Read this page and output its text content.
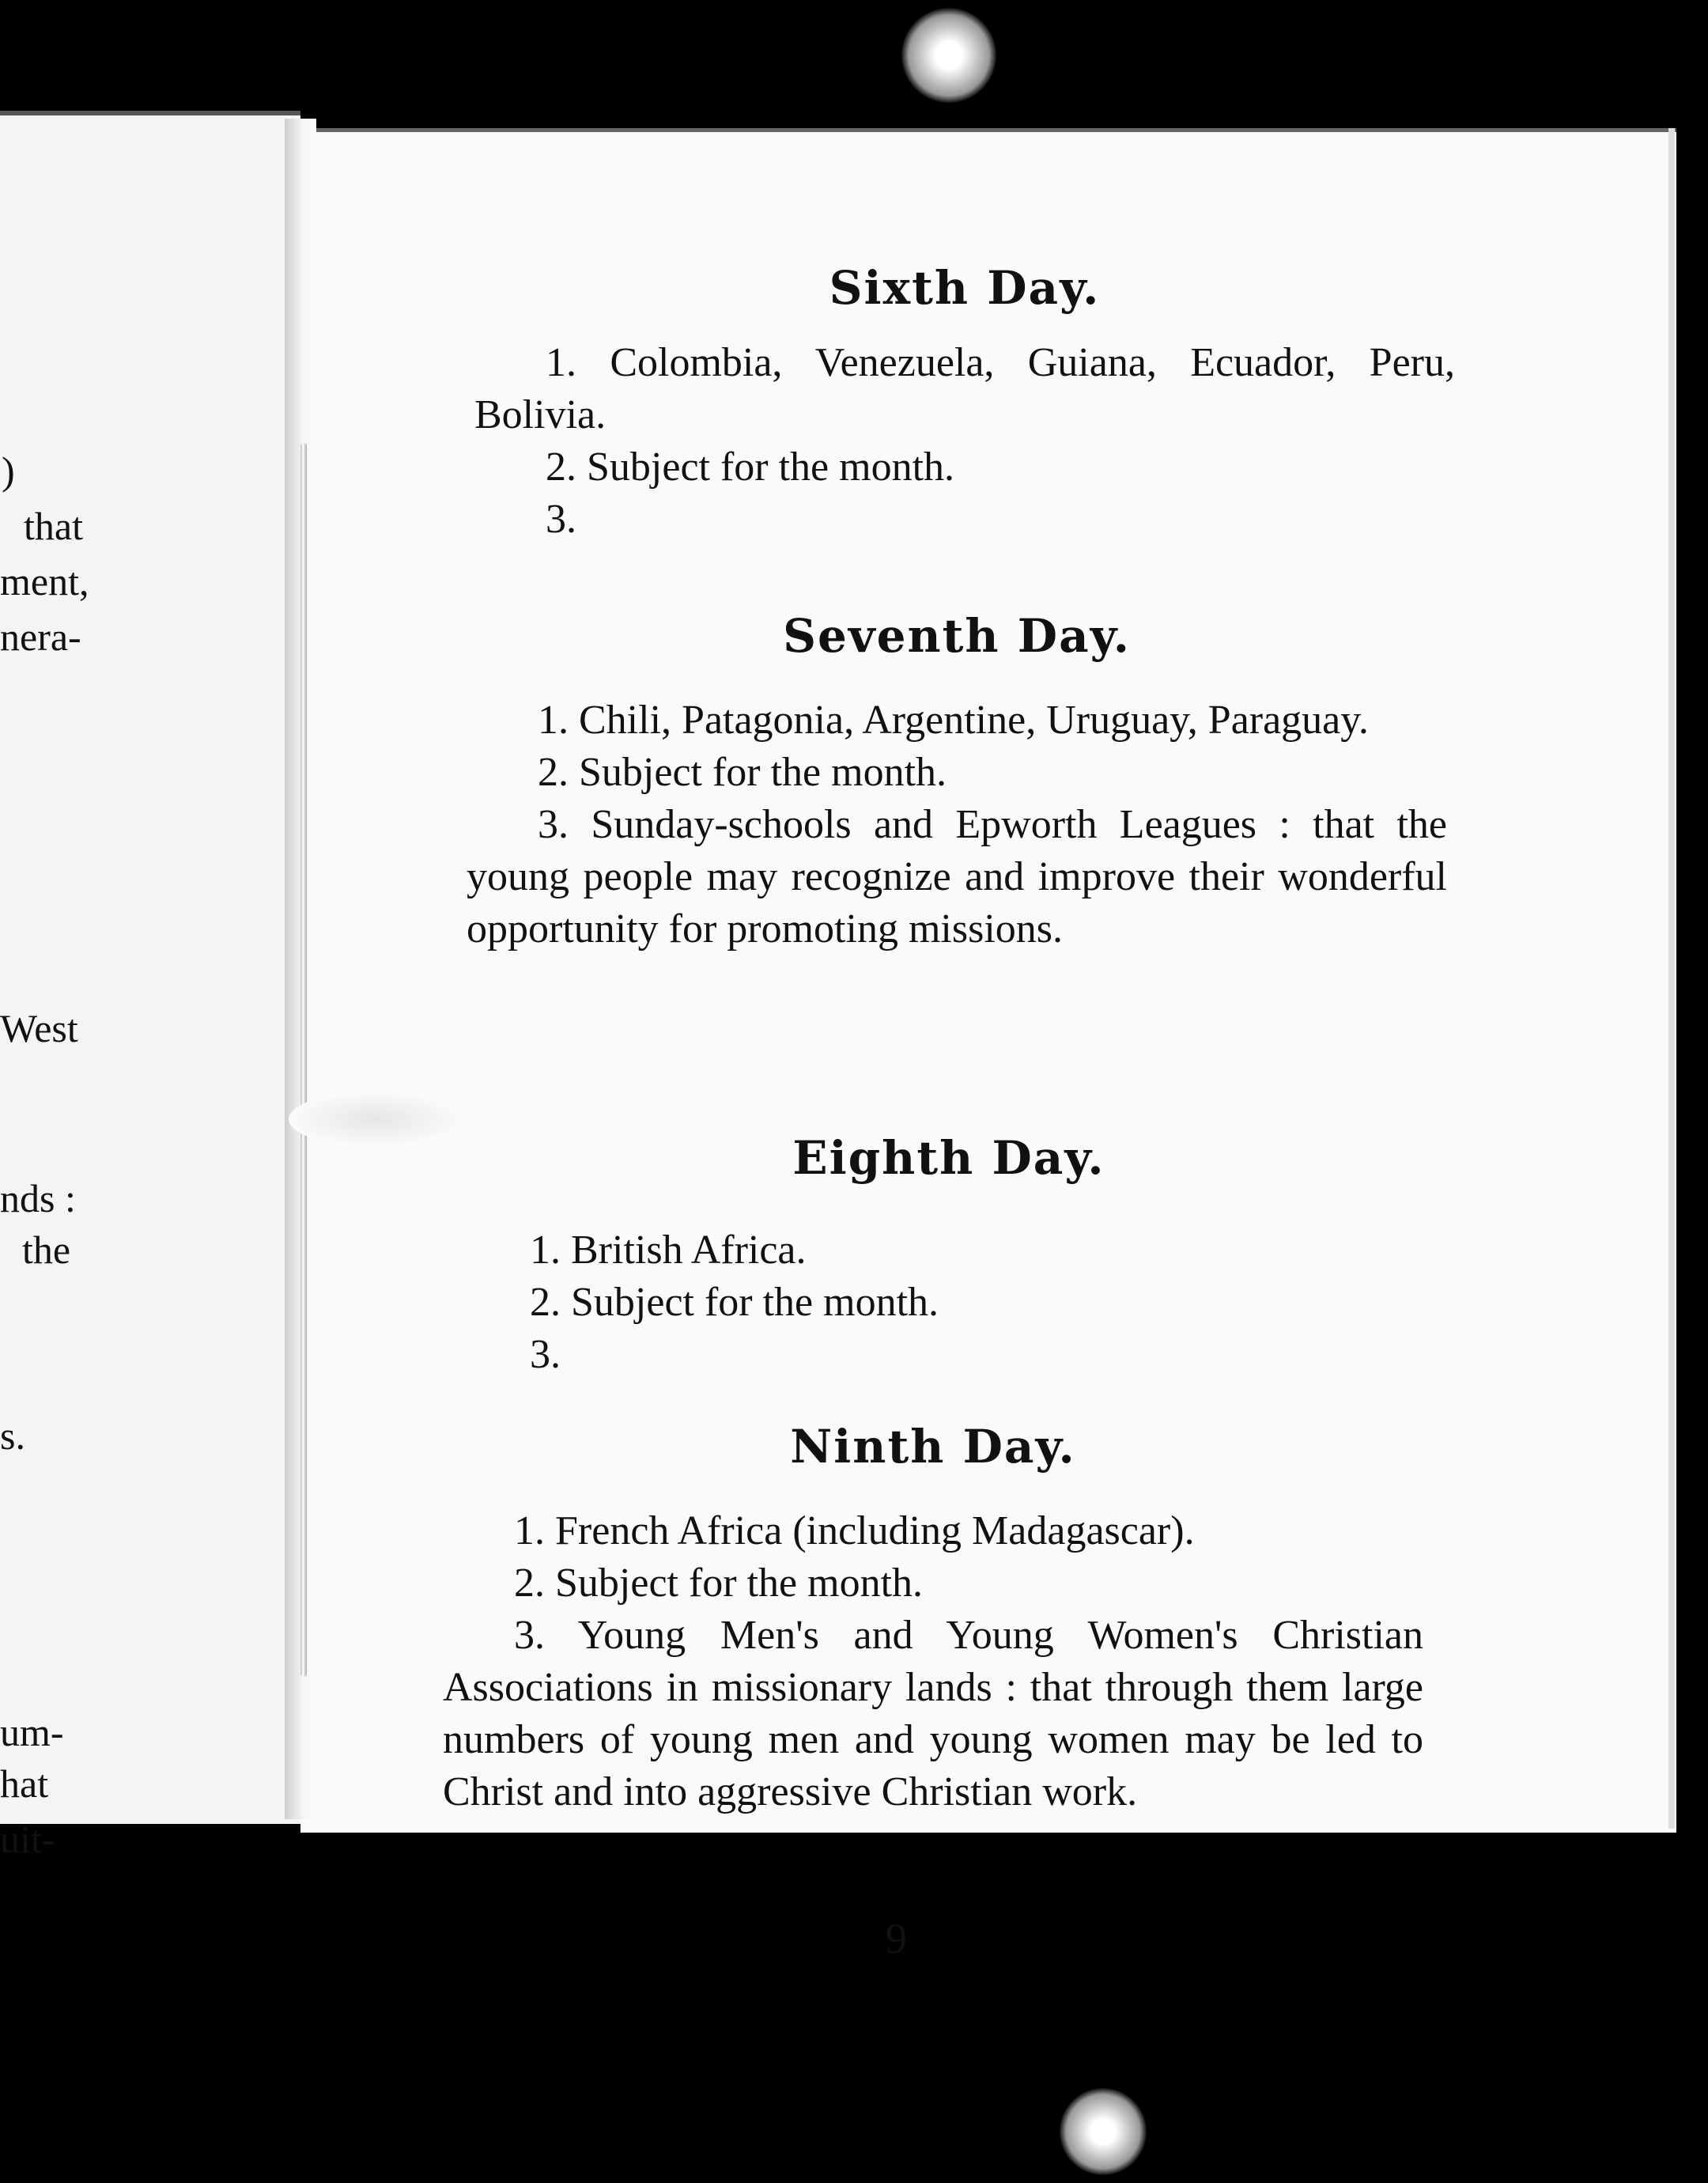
)
that
ment,
nera-
West
nds :
the
s.
um-
hat
uit-
Sixth Day.

1. Colombia, Venezuela, Guiana, Ecuador, Peru, Bolivia.

2. Subject for the month.

3.

Seventh Day.

1. Chili, Patagonia, Argentine, Uruguay, Paraguay.

2. Subject for the month.

3. Sunday-schools and Epworth Leagues : that the young people may recognize and improve their wonderful opportunity for promoting missions.

Eighth Day.

1. British Africa.

2. Subject for the month.

3.

Ninth Day.

1. French Africa (including Madagascar).

2. Subject for the month.

3. Young Men's and Young Women's Christian Associations in missionary lands : that through them large numbers of young men and young women may be led to Christ and into aggressive Christian work.

9
